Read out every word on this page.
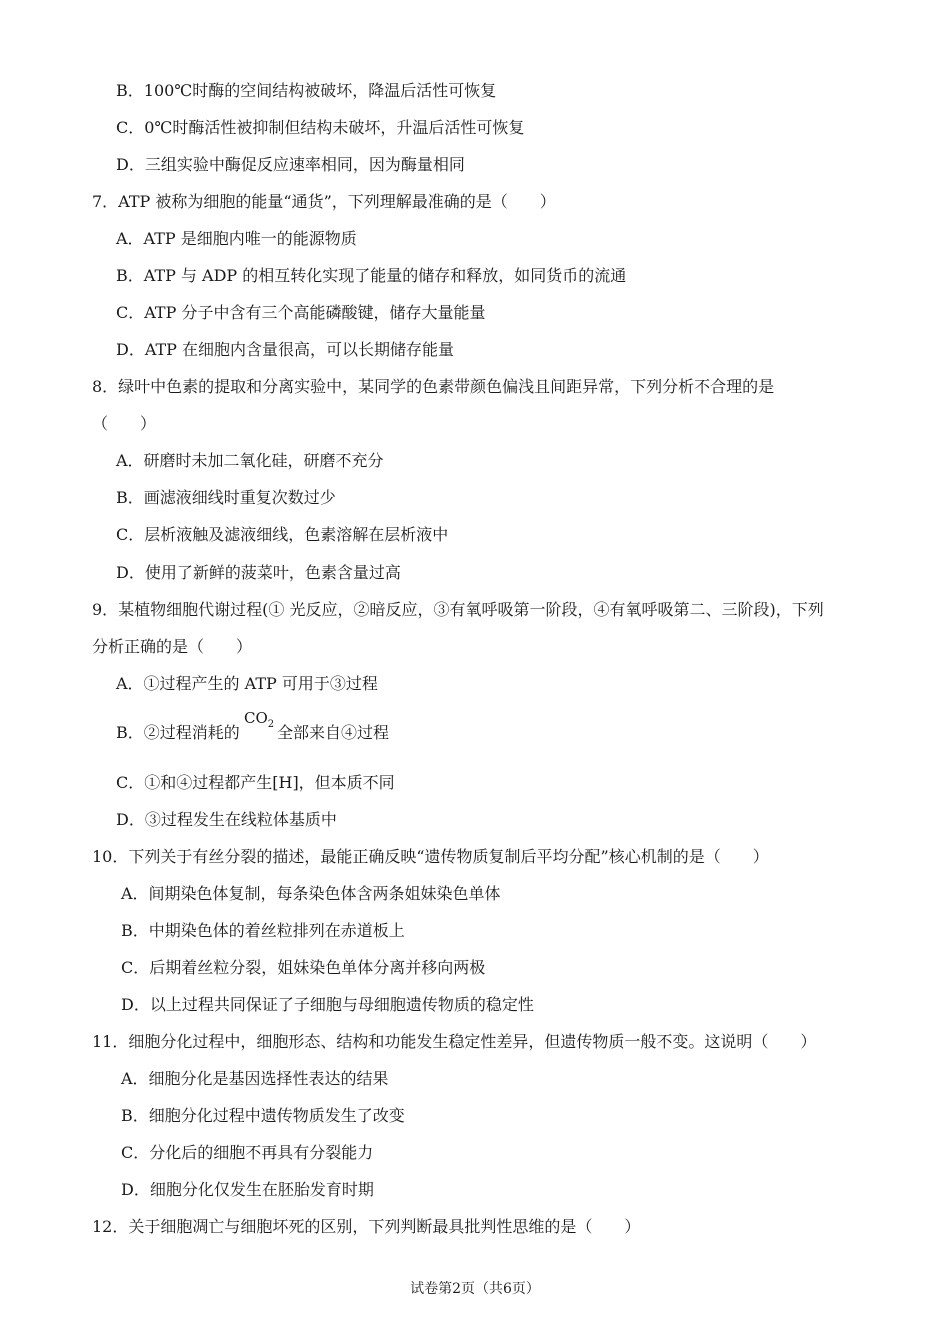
B．100℃时酶的空间结构被破坏，降温后活性可恢复
C．0℃时酶活性被抑制但结构未破坏，升温后活性可恢复
D．三组实验中酶促反应速率相同，因为酶量相同
7．ATP 被称为细胞的能量“通货”，下列理解最准确的是（　　）
A．ATP 是细胞内唯一的能源物质
B．ATP 与 ADP 的相互转化实现了能量的储存和释放，如同货币的流通
C．ATP 分子中含有三个高能磷酸键，储存大量能量
D．ATP 在细胞内含量很高，可以长期储存能量
8．绿叶中色素的提取和分离实验中，某同学的色素带颜色偏浅且间距异常，下列分析不合理的是
（　　）
A．研磨时未加二氧化硅，研磨不充分
B．画滤液细线时重复次数过少
C．层析液触及滤液细线，色素溶解在层析液中
D．使用了新鲜的菠菜叶，色素含量过高
9．某植物细胞代谢过程(① 光反应，②暗反应，③有氧呼吸第一阶段，④有氧呼吸第二、三阶段)，下列
分析正确的是（　　）
A．①过程产生的 ATP 可用于③过程
B．②过程消耗的
$CO_2$ 全部来自④过程
C．①和④过程都产生[H]，但本质不同
D．③过程发生在线粒体基质中
10．下列关于有丝分裂的描述，最能正确反映“遗传物质复制后平均分配”核心机制的是（　　）
A．间期染色体复制，每条染色体含两条姐妹染色单体
B．中期染色体的着丝粒排列在赤道板上
C．后期着丝粒分裂，姐妹染色单体分离并移向两极
D．以上过程共同保证了子细胞与母细胞遗传物质的稳定性
11．细胞分化过程中，细胞形态、结构和功能发生稳定性差异，但遗传物质一般不变。这说明（　　）
A．细胞分化是基因选择性表达的结果
B．细胞分化过程中遗传物质发生了改变
C．分化后的细胞不再具有分裂能力
D．细胞分化仅发生在胚胎发育时期
12．关于细胞凋亡与细胞坏死的区别，下列判断最具批判性思维的是（　　）
试卷第2页（共6页）
